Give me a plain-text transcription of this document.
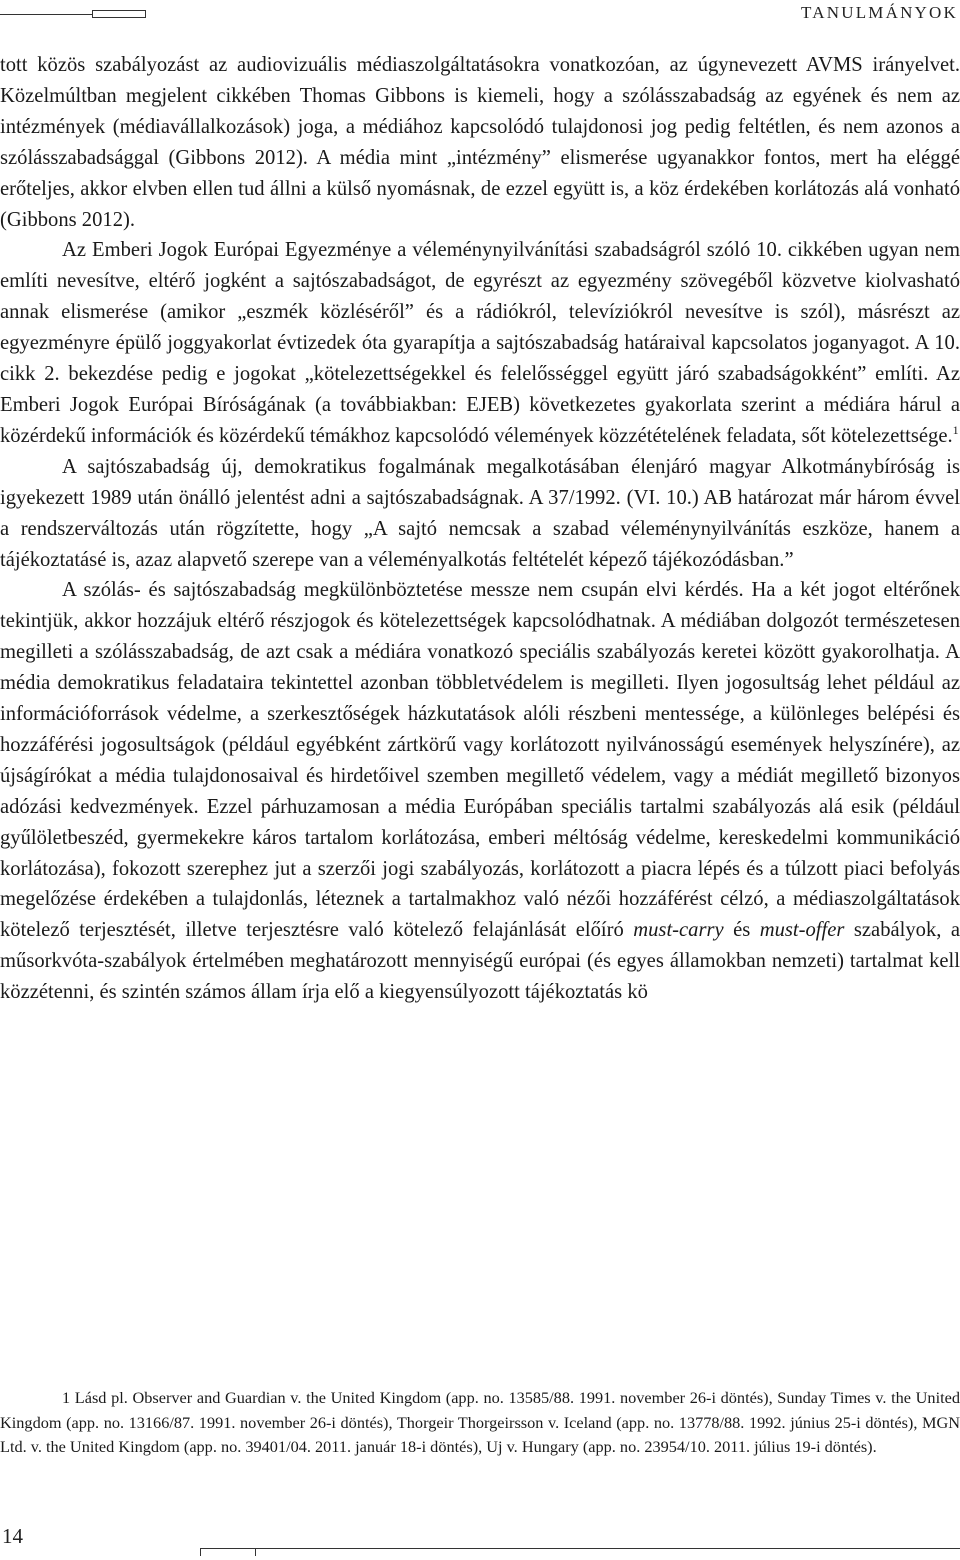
TANULMÁNYOK

tott közös szabályozást az audiovizuális médiaszolgáltatásokra vonatkozóan, az úgynevezett AVMS irányelvet. Közelmúltban megjelent cikkében Thomas Gibbons is kiemeli, hogy a szólásszabadság az egyének és nem az intézmények (médiavállalkozások) joga, a médiához kapcsolódó tulajdonosi jog pedig feltétlen, és nem azonos a szólásszabadsággal (Gibbons 2012). A média mint „intézmény” elismerése ugyanakkor fontos, mert ha eléggé erőteljes, akkor elvben ellen tud állni a külső nyomásnak, de ezzel együtt is, a köz érdekében korlátozás alá vonható (Gibbons 2012).

Az Emberi Jogok Európai Egyezménye a véleménynyilvánítási szabadságról szóló 10. cikkében ugyan nem említi nevesítve, eltérő jogként a sajtószabadságot, de egyrészt az egyezmény szövegéből közvetve kiolvasható annak elismerése (amikor „eszmék közléséről” és a rádiókról, televíziókról nevesítve is szól), másrészt az egyezményre épülő joggyakorlat évtizedek óta gyarapítja a sajtószabadság határaival kapcsolatos joganyagot. A 10. cikk 2. bekezdése pedig e jogokat „kötelezettségekkel és felelősséggel együtt járó szabadságokként” említi. Az Emberi Jogok Európai Bíróságának (a továbbiakban: EJEB) következetes gyakorlata szerint a médiára hárul a közérdekű információk és közérdekű témákhoz kapcsolódó vélemények közzétételének feladata, sőt kötelezettsége.$^1$

A sajtószabadság új, demokratikus fogalmának megalkotásában élenjáró magyar Alkotmánybíróság is igyekezett 1989 után önálló jelentést adni a sajtószabadságnak. A 37/1992. (VI. 10.) AB határozat már három évvel a rendszerváltozás után rögzítette, hogy „A sajtó nemcsak a szabad véleménynyilvánítás eszköze, hanem a tájékoztatásé is, azaz alapvető szerepe van a véleményalkotás feltételét képező tájékozódásban.”

A szólás- és sajtószabadság megkülönböztetése messze nem csupán elvi kérdés. Ha a két jogot eltérőnek tekintjük, akkor hozzájuk eltérő részjogok és kötelezettségek kapcsolódhatnak. A médiában dolgozót természetesen megilleti a szólásszabadság, de azt csak a médiára vonatkozó speciális szabályozás keretei között gyakorolhatja. A média demokratikus feladataira tekintettel azonban többletvédelem is megilleti. Ilyen jogosultság lehet például az információforrások védelme, a szerkesztőségek házkutatások alóli részbeni mentessége, a különleges belépési és hozzáférési jogosultságok (például egyébként zártkörű vagy korlátozott nyilvánosságú események helyszínére), az újságírókat a média tulajdonosaival és hirdetőivel szemben megillető védelem, vagy a médiát megillető bizonyos adózási kedvezmények. Ezzel párhuzamosan a média Európában speciális tartalmi szabályozás alá esik (például gyűlöletbeszéd, gyermekekre káros tartalom korlátozása, emberi méltóság védelme, kereskedelmi kommunikáció korlátozása), fokozott szerephez jut a szerzői jogi szabályozás, korlátozott a piacra lépés és a túlzott piaci befolyás megelőzése érdekében a tulajdonlás, léteznek a tartalmakhoz való nézői hozzáférést célzó, a médiaszolgáltatások kötelező terjesztését, illetve terjesztésre való kötelező felajánlását előíró must-carry és must-offer szabályok, a műsorkvóta-szabályok értelmében meghatározott mennyiségű európai (és egyes államokban nemzeti) tartalmat kell közzétenni, és szintén számos állam írja elő a kiegyensúlyozott tájékoztatás kö

1 Lásd pl. Observer and Guardian v. the United Kingdom (app. no. 13585/88. 1991. november 26-i döntés), Sunday Times v. the United Kingdom (app. no. 13166/87. 1991. november 26-i döntés), Thorgeir Thorgeirsson v. Iceland (app. no. 13778/88. 1992. június 25-i döntés), MGN Ltd. v. the United Kingdom (app. no. 39401/04. 2011. január 18-i döntés), Uj v. Hungary (app. no. 23954/10. 2011. július 19-i döntés).

14
